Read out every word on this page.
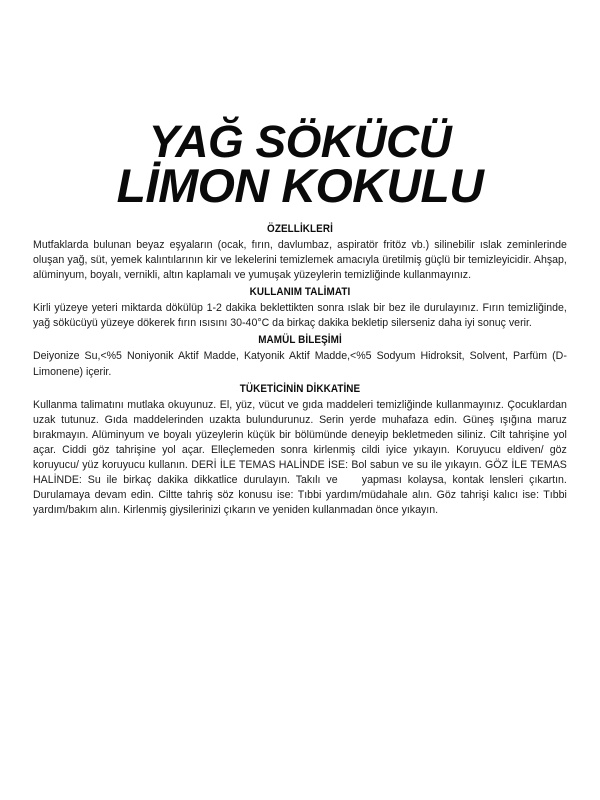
YAĞ SÖKÜCÜ
LİMON KOKULU
ÖZELLİKLERİ

Mutfaklarda bulunan beyaz eşyaların (ocak, fırın, davlumbaz, aspiratör fritöz vb.) silinebilir ıslak zeminlerinde oluşan yağ, süt, yemek kalıntılarının kir ve lekelerini temizlemek amacıyla üretilmiş güçlü bir temizleyicidir. Ahşap, alüminyum, boyalı, vernikli, altın kaplamalı ve yumuşak yüzeylerin temizliğinde kullanmayınız.

KULLANIM TALİMATI

Kirli yüzeye yeteri miktarda dökülüp 1-2 dakika beklettikten sonra ıslak bir bez ile durulayınız. Fırın temizliğinde, yağ sökücüyü yüzeye dökerek fırın ısısını 30-40°C da birkaç dakika bekletip silerseniz daha iyi sonuç verir.

MAMÜL BİLEŞİMİ

Deiyonize Su,<%5 Noniyonik Aktif Madde, Katyonik Aktif Madde,<%5 Sodyum Hidroksit, Solvent, Parfüm (D-Limonene) içerir.

TÜKETİCİNİN DİKKATİNE

Kullanma talimatını mutlaka okuyunuz. El, yüz, vücut ve gıda maddeleri temizliğinde kullanmayınız. Çocuklardan uzak tutunuz. Gıda maddelerinden uzakta bulundurunuz. Serin yerde muhafaza edin. Güneş ışığına maruz bırakmayın. Alüminyum ve boyalı yüzeylerin küçük bir bölümünde deneyip bekletmeden siliniz. Cilt tahrişine yol açar. Ciddi göz tahrişine yol açar. Elleçlemeden sonra kirlenmiş cildi iyice yıkayın. Koruyucu eldiven/ göz koruyucu/ yüz koruyucu kullanın. DERİ İLE TEMAS HALİNDE İSE: Bol sabun ve su ile yıkayın. GÖZ İLE TEMAS HALİNDE: Su ile birkaç dakika dikkatlice durulayın. Takılı ve yapması kolaysa, kontak lensleri çıkartın. Durulamaya devam edin. Ciltte tahriş söz konusu ise: Tıbbi yardım/müdahale alın. Göz tahrişi kalıcı ise: Tıbbi yardım/bakım alın. Kirlenmiş giysilerinizi çıkarın ve yeniden kullanmadan önce yıkayın.
